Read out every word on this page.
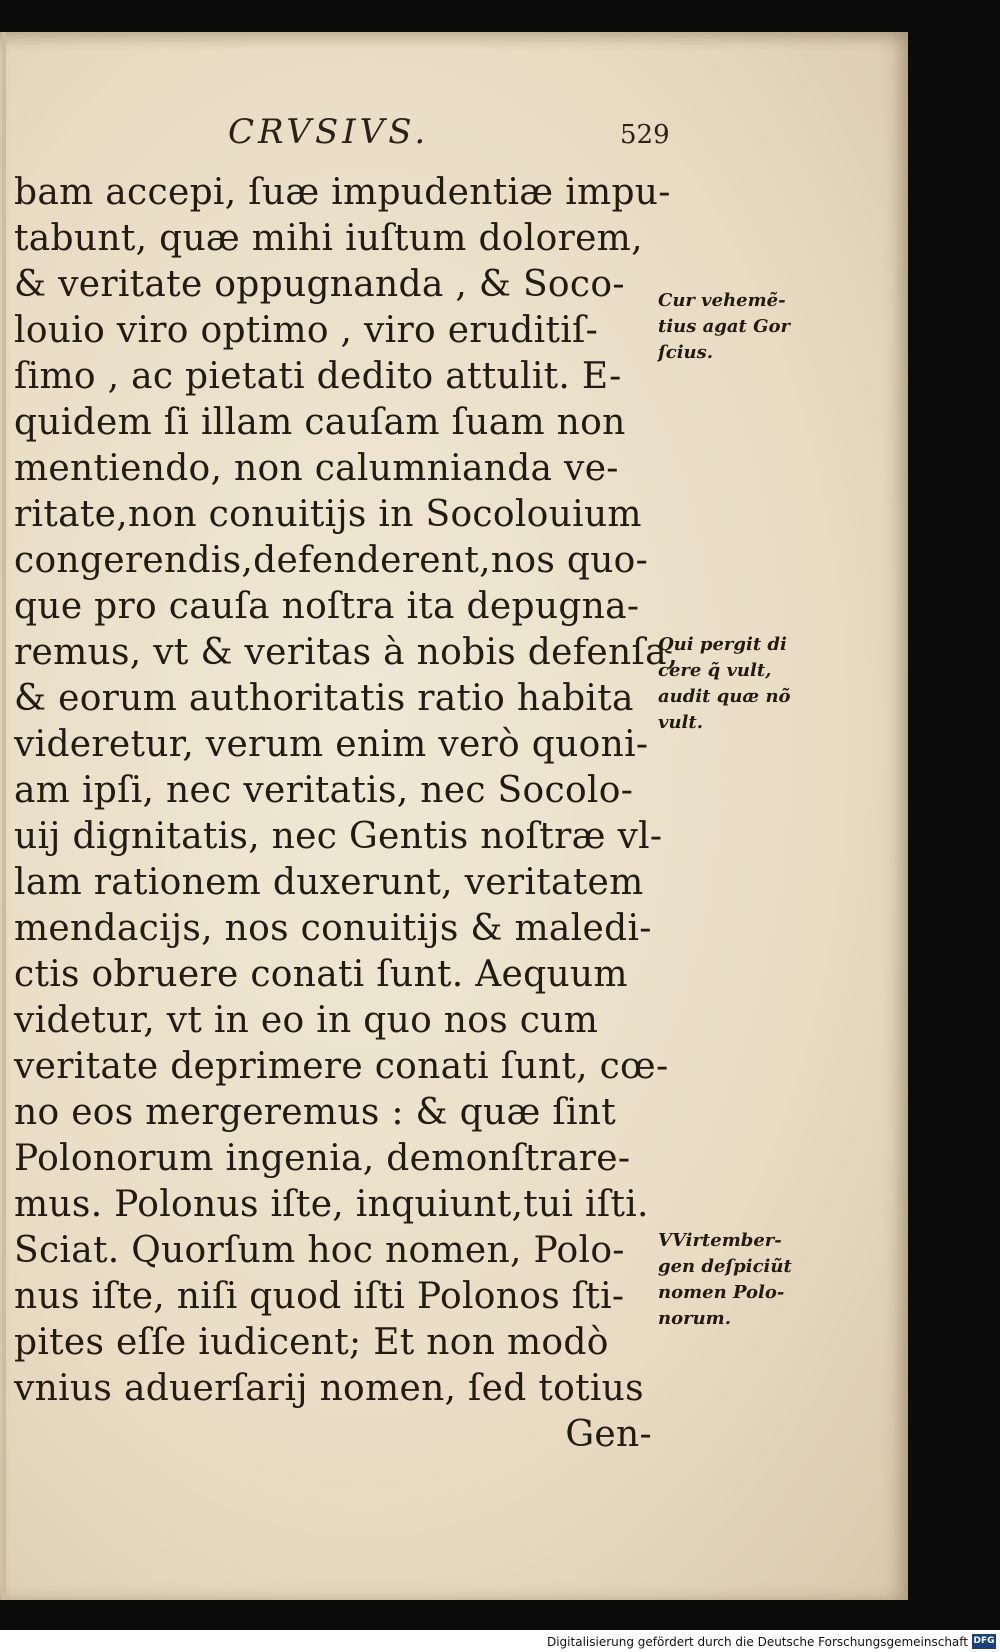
CRVSIVS.	529
bam accepi, ſuæ impudentiæ impu-
tabunt, quæ mihi iuſtum dolorem,
& veritate oppugnanda , & Soco-
louio viro optimo , viro eruditiſ-
ſimo , ac pietati dedito attulit. E-
quidem ſi illam cauſam ſuam non
mentiendo, non calumnianda ve-
ritate,non conuitijs in Socolouium
congerendis,defenderent,nos quo-
que pro cauſa noſtra ita depugna-
remus, vt & veritas à nobis defenſa,
& eorum authoritatis ratio habita
videretur, verum enim verò quoni-
am ipſi, nec veritatis, nec Socolo-
uij dignitatis, nec Gentis noſtræ vl-
lam rationem duxerunt, veritatem
mendacijs, nos conuitijs & maledi-
ctis obruere conati ſunt. Aequum
videtur, vt in eo in quo nos cum
veritate deprimere conati ſunt, cœ-
no eos mergeremus : & quæ ſint
Polonorum ingenia, demonſtrare-
mus. Polonus iſte, inquiunt,tui iſti.
Sciat. Quorſum hoc nomen, Polo-
nus iſte, niſi quod iſti Polonos ſti-
pites eſſe iudicent; Et non modò
vnius aduerſarij nomen, ſed totius
Gen-
Cur vehemẽ-
tius agat Gor
ſcius.
Qui pergit di
cere q̃ vult,
audit quæ nõ
vult.
VVirtember-
gen deſpiciũt
nomen Polo-
norum.
Digitalisierung gefördert durch die Deutsche Forschungsgemeinschaft DFG
